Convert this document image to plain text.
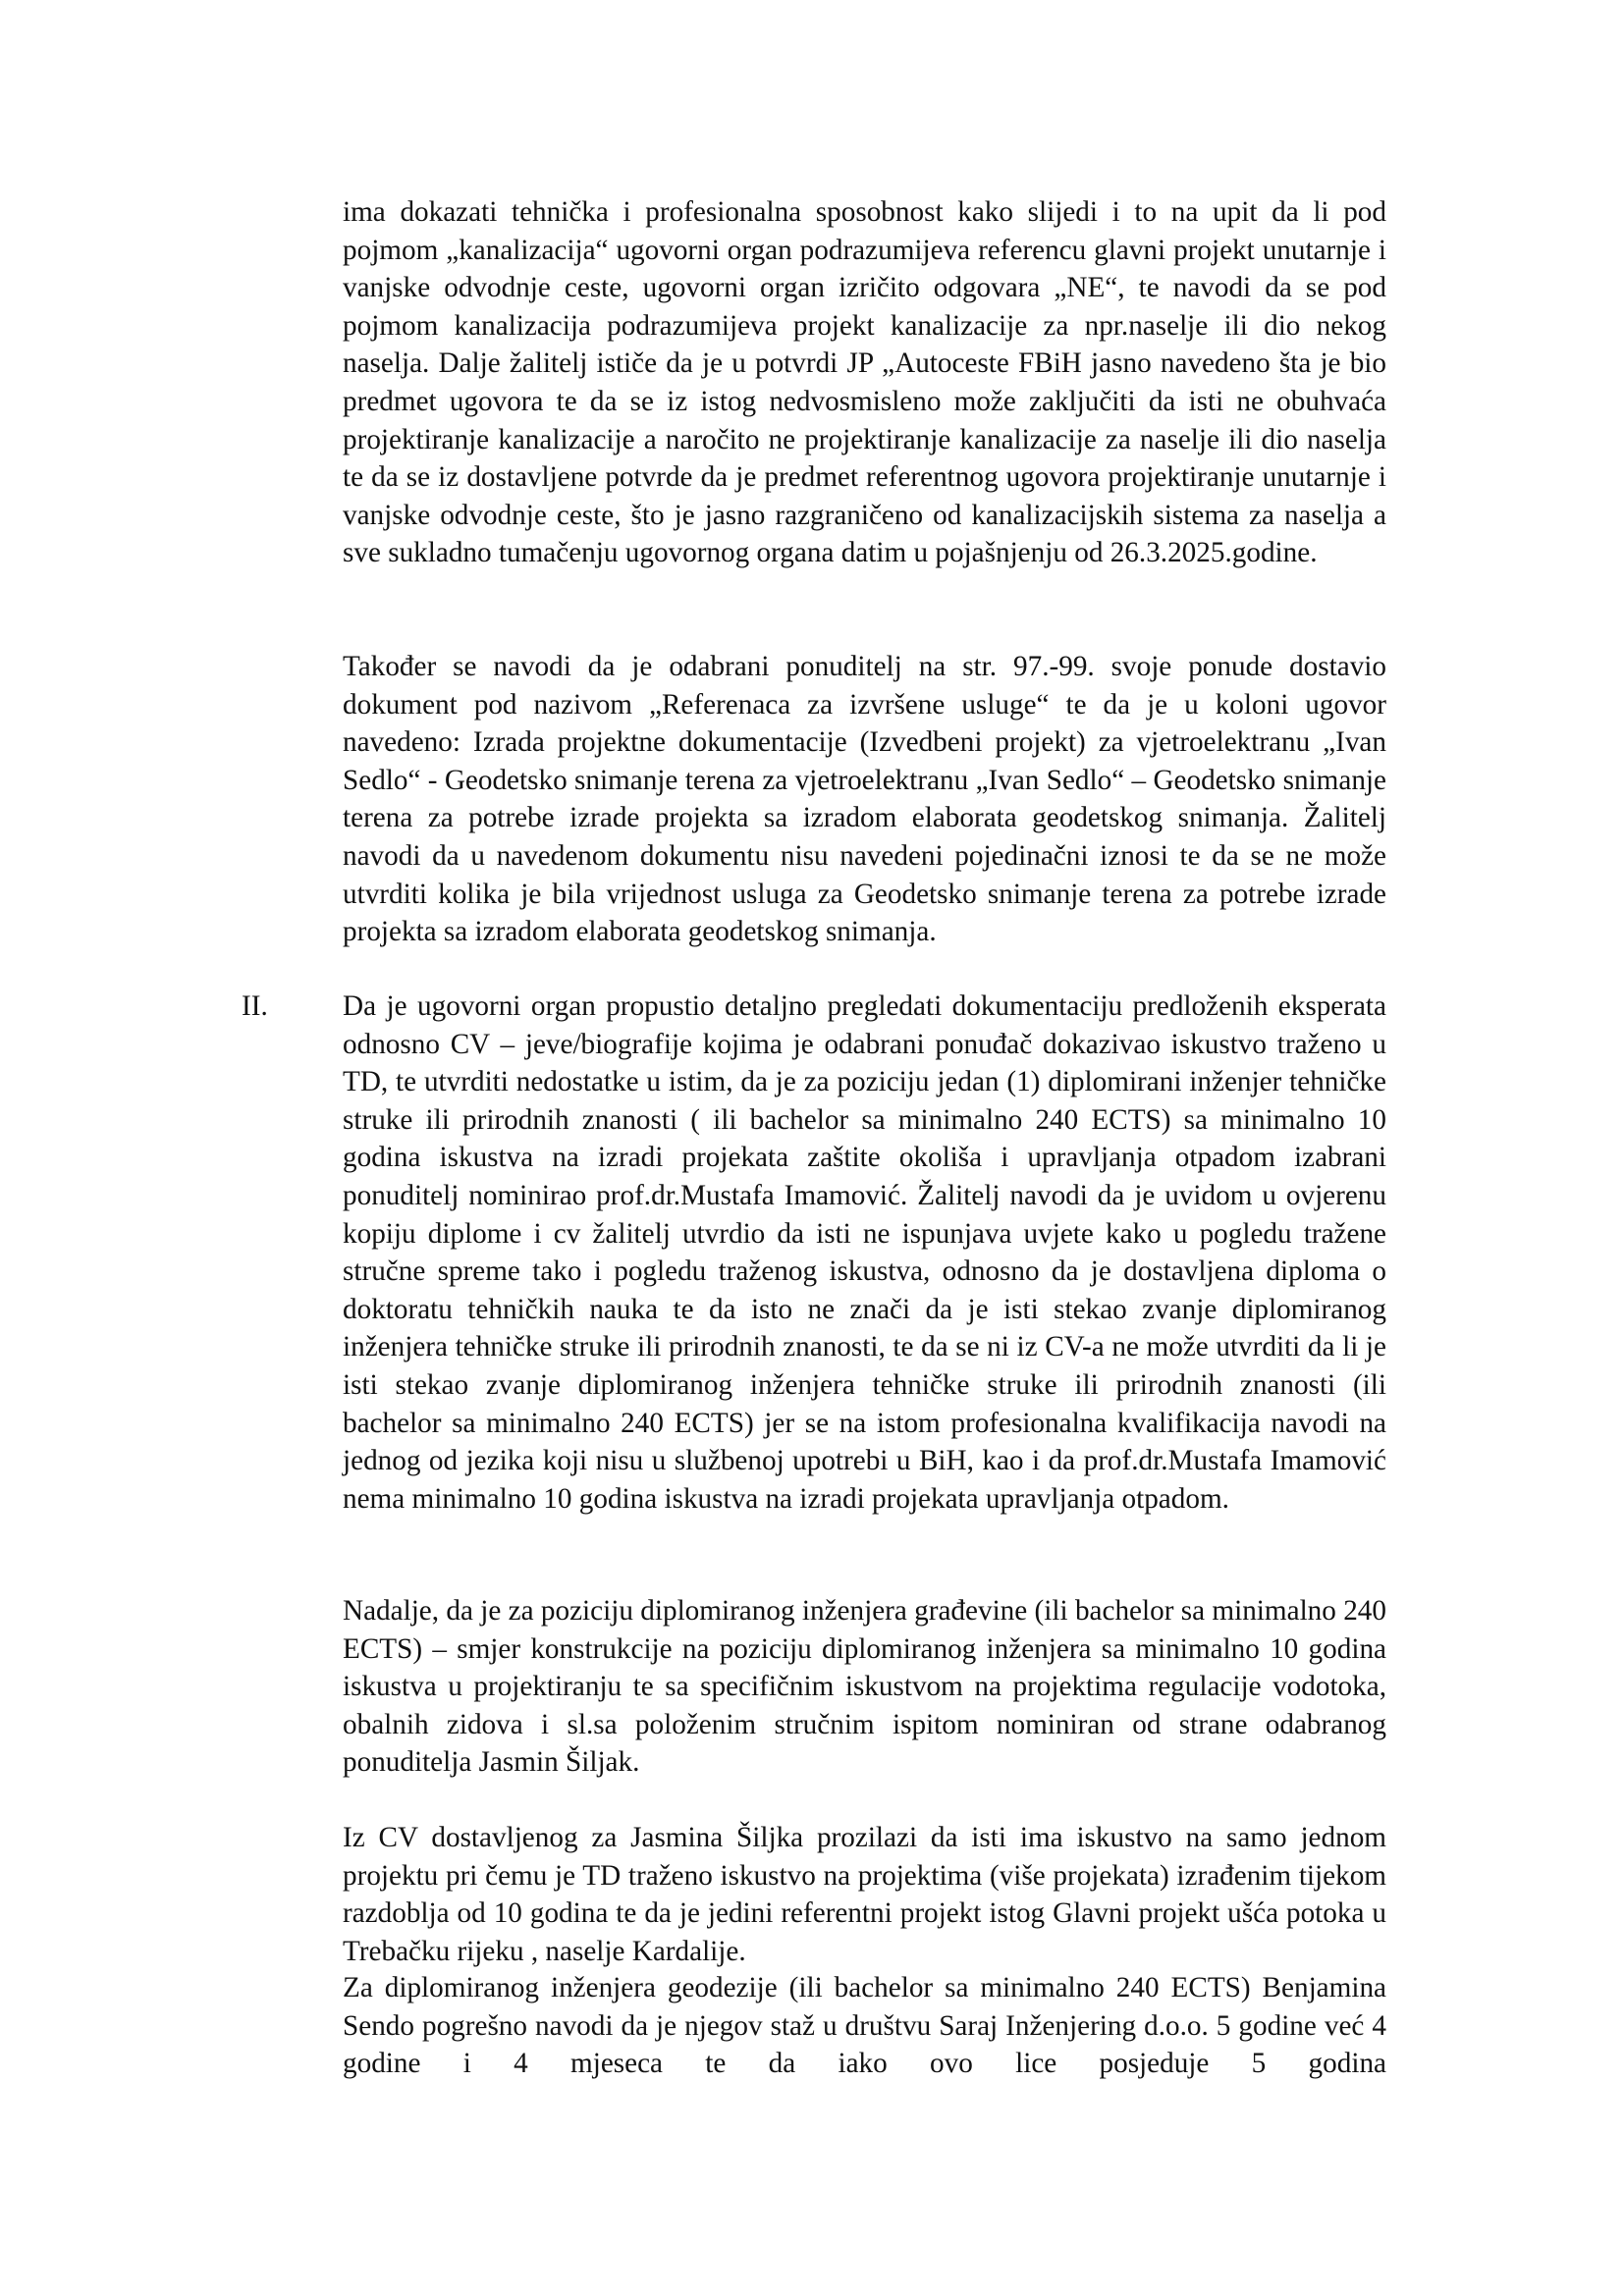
ima dokazati tehnička i profesionalna sposobnost kako slijedi i to na upit da li pod pojmom „kanalizacija“ ugovorni organ podrazumijeva referencu glavni projekt unutarnje i vanjske odvodnje ceste, ugovorni organ izričito odgovara „NE“, te navodi da se pod pojmom kanalizacija podrazumijeva projekt kanalizacije za npr.naselje ili dio nekog naselja. Dalje žalitelj ističe da je u potvrdi JP „Autoceste FBiH jasno navedeno šta je bio predmet ugovora te da se iz istog nedvosmisleno može zaključiti da isti ne obuhvaća projektiranje kanalizacije a naročito ne projektiranje kanalizacije za naselje ili dio naselja te da se iz dostavljene potvrde da je predmet referentnog ugovora projektiranje unutarnje i vanjske odvodnje ceste, što je jasno razgraničeno od kanalizacijskih sistema za naselja a sve sukladno tumačenju ugovornog organa datim u pojašnjenju od 26.3.2025.godine.

Također se navodi da je odabrani ponuditelj na str. 97.-99. svoje ponude dostavio dokument pod nazivom „Referenaca za izvršene usluge“ te da je u koloni ugovor navedeno: Izrada projektne dokumentacije (Izvedbeni projekt) za vjetroelektranu „Ivan Sedlo“ - Geodetsko snimanje terena za vjetroelektranu „Ivan Sedlo“ – Geodetsko snimanje terena za potrebe izrade projekta sa izradom elaborata geodetskog snimanja. Žalitelj navodi da u navedenom dokumentu nisu navedeni pojedinačni iznosi te da se ne može utvrditi kolika je bila vrijednost usluga za Geodetsko snimanje terena za potrebe izrade projekta sa izradom elaborata geodetskog snimanja.

II.	Da je ugovorni organ propustio detaljno pregledati dokumentaciju predloženih eksperata odnosno CV – jeve/biografije kojima je odabrani ponuđač dokazivao iskustvo traženo u TD, te utvrditi nedostatke u istim, da je za poziciju jedan (1) diplomirani inženjer tehničke struke ili prirodnih znanosti ( ili bachelor sa minimalno 240 ECTS) sa minimalno 10 godina iskustva na izradi projekata zaštite okoliša i upravljanja otpadom izabrani ponuditelj nominirao prof.dr.Mustafa Imamović. Žalitelj navodi da je uvidom u ovjerenu kopiju diplome i cv žalitelj utvrdio da isti ne ispunjava uvjete kako u pogledu tražene stručne spreme tako i pogledu traženog iskustva, odnosno da je dostavljena diploma o doktoratu tehničkih nauka te da isto ne znači da je isti stekao zvanje diplomiranog inženjera tehničke struke ili prirodnih znanosti, te da se ni iz CV-a ne može utvrditi da li je isti stekao zvanje diplomiranog inženjera tehničke struke ili prirodnih znanosti (ili bachelor sa minimalno 240 ECTS) jer se na istom profesionalna kvalifikacija navodi na jednog od jezika koji nisu u službenoj upotrebi u BiH, kao i da prof.dr.Mustafa Imamović nema minimalno 10 godina iskustva na izradi projekata upravljanja otpadom.

Nadalje, da je za poziciju diplomiranog inženjera građevine (ili bachelor sa minimalno 240 ECTS) – smjer konstrukcije na poziciju diplomiranog inženjera sa minimalno 10 godina iskustva u projektiranju te sa specifičnim iskustvom na projektima regulacije vodotoka, obalnih zidova i sl.sa položenim stručnim ispitom nominiran od strane odabranog ponuditelja Jasmin Šiljak.

Iz CV dostavljenog za Jasmina Šiljka prozilazi da isti ima iskustvo na samo jednom projektu pri čemu je TD traženo iskustvo na projektima (više projekata) izrađenim tijekom razdoblja od 10 godina te da je jedini referentni projekt istog Glavni projekt ušća potoka u Trebačku rijeku , naselje Kardalije.

Za diplomiranog inženjera geodezije (ili bachelor sa minimalno 240 ECTS) Benjamina Sendo pogrešno navodi da je njegov staž u društvu Saraj Inženjering d.o.o. 5 godine već 4 godine i 4 mjeseca te da iako ovo lice posjeduje 5 godina
